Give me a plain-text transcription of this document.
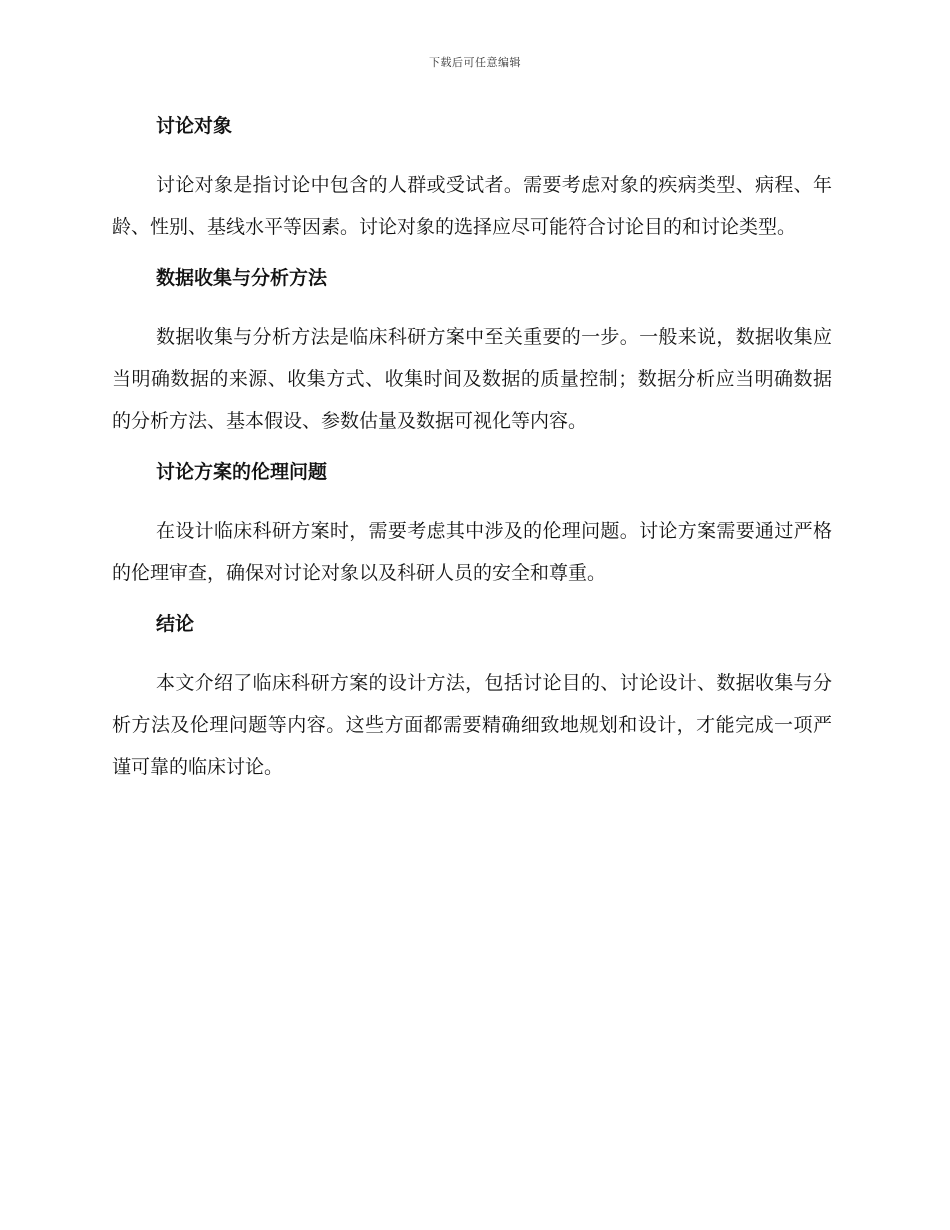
下载后可任意编辑
讨论对象

讨论对象是指讨论中包含的人群或受试者。需要考虑对象的疾病类型、病程、年龄、性别、基线水平等因素。讨论对象的选择应尽可能符合讨论目的和讨论类型。

数据收集与分析方法

数据收集与分析方法是临床科研方案中至关重要的一步。一般来说，数据收集应当明确数据的来源、收集方式、收集时间及数据的质量控制；数据分析应当明确数据的分析方法、基本假设、参数估量及数据可视化等内容。

讨论方案的伦理问题

在设计临床科研方案时，需要考虑其中涉及的伦理问题。讨论方案需要通过严格的伦理审查，确保对讨论对象以及科研人员的安全和尊重。

结论

本文介绍了临床科研方案的设计方法，包括讨论目的、讨论设计、数据收集与分析方法及伦理问题等内容。这些方面都需要精确细致地规划和设计，才能完成一项严谨可靠的临床讨论。
